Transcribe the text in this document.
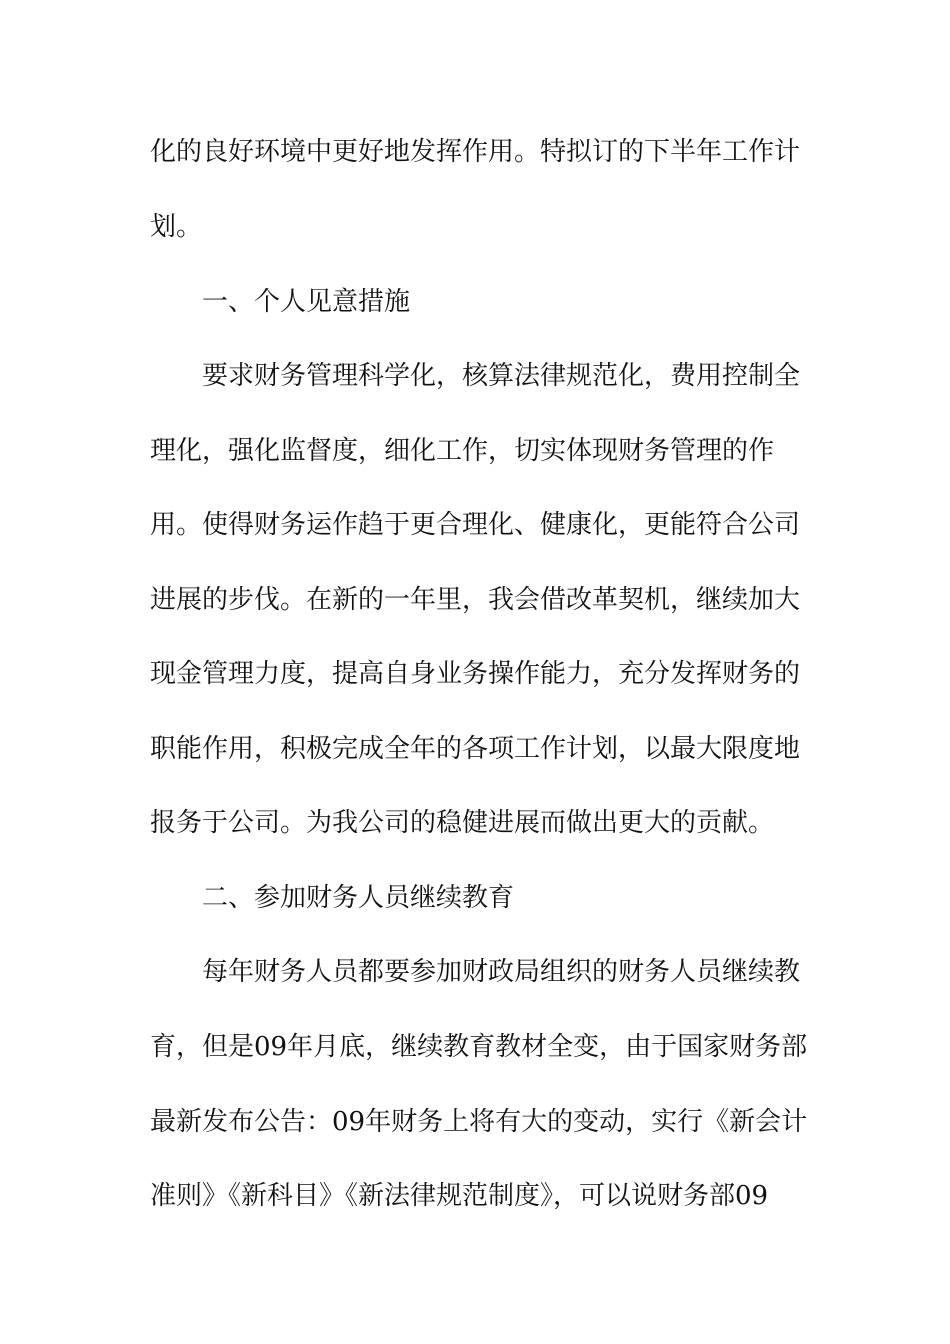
化的良好环境中更好地发挥作用。特拟订的下半年工作计
划。
一、个人见意措施
要求财务管理科学化，核算法律规范化，费用控制全
理化，强化监督度，细化工作，切实体现财务管理的作
用。使得财务运作趋于更合理化、健康化，更能符合公司
进展的步伐。在新的一年里，我会借改革契机，继续加大
现金管理力度，提高自身业务操作能力，充分发挥财务的
职能作用，积极完成全年的各项工作计划，以最大限度地
报务于公司。为我公司的稳健进展而做出更大的贡献。
二、参加财务人员继续教育
每年财务人员都要参加财政局组织的财务人员继续教
育，但是09年月底，继续教育教材全变，由于国家财务部
最新发布公告：09年财务上将有大的变动，实行《新会计
准则》《新科目》《新法律规范制度》，可以说财务部09
